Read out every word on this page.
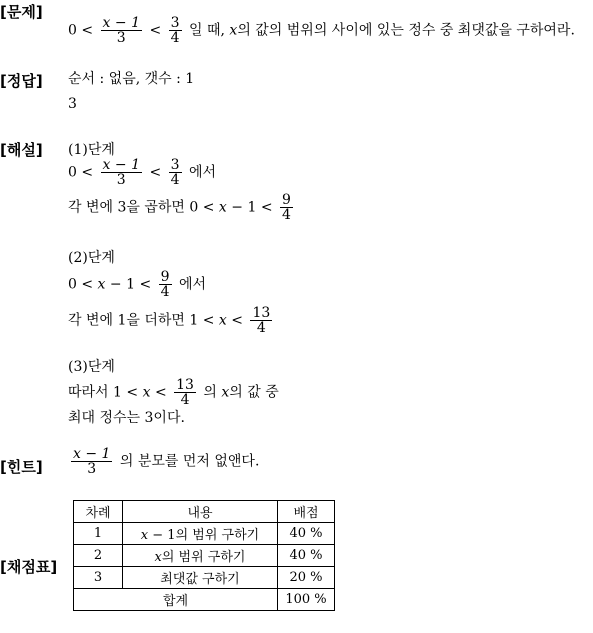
[문제]
$0 < \frac{x - 1}{3} < \frac{3}{4}$ 일 때, x의 값의 범위의 사이에 있는 정수 중 최댓값을 구하여라.
[정답] 순서 : 없음, 갯수 : 1
3
[해설] (1)단계
$0 < \frac{x - 1}{3} < \frac{3}{4}$ 에서
각 변에 3을 곱하면 $0 < x - 1 < \frac{9}{4}$
(2)단계
$0 < x - 1 < \frac{9}{4}$ 에서
각 변에 1을 더하면 $1 < x < \frac{13}{4}$
(3)단계
따라서 $1 < x < \frac{13}{4}$ 의 x의 값 중
최대 정수는 3이다.
[힌트] $\frac{x - 1}{3}$ 의 분모를 먼저 없앤다.
[채점표]
차례	내용	배점
1	x − 1의 범위 구하기	40 %
2	x의 범위 구하기	40 %
3	최댓값 구하기	20 %
합계		100 %
